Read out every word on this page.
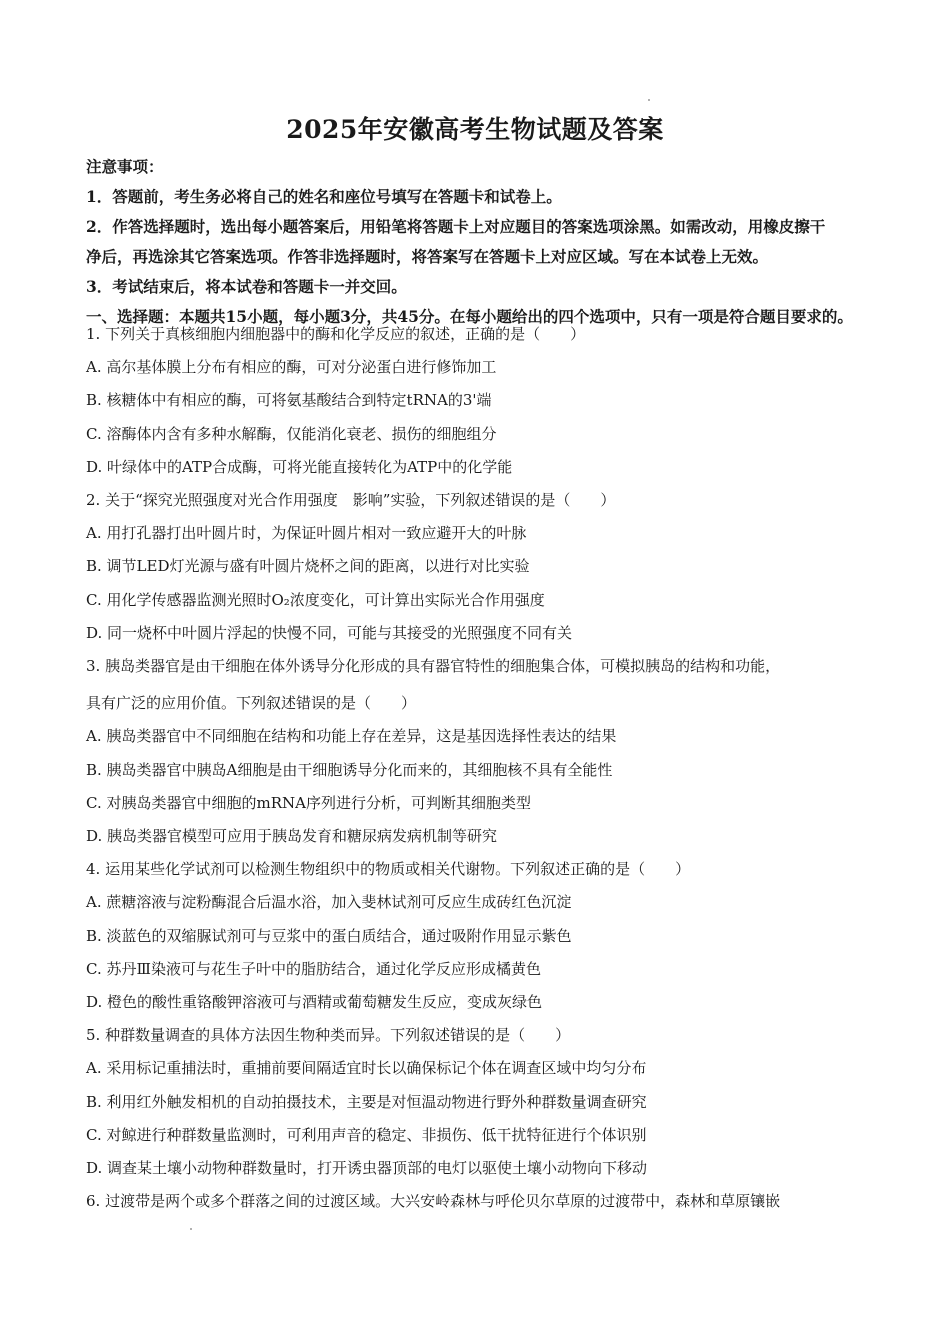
2025年安徽高考生物试题及答案
注意事项：
1．答题前，考生务必将自己的姓名和座位号填写在答题卡和试卷上。
2．作答选择题时，选出每小题答案后，用铅笔将答题卡上对应题目的答案选项涂黑。如需改动，用橡皮擦干
净后，再选涂其它答案选项。作答非选择题时，将答案写在答题卡上对应区域。写在本试卷上无效。
3．考试结束后，将本试卷和答题卡一并交回。
一、选择题：本题共15小题，每小题3分，共45分。在每小题给出的四个选项中，只有一项是符合题目要求的。
1. 下列关于真核细胞内细胞器中的酶和化学反应的叙述，正确的是（　　）
A. 高尔基体膜上分布有相应的酶，可对分泌蛋白进行修饰加工
B. 核糖体中有相应的酶，可将氨基酸结合到特定tRNA的3'端
C. 溶酶体内含有多种水解酶，仅能消化衰老、损伤的细胞组分
D. 叶绿体中的ATP合成酶，可将光能直接转化为ATP中的化学能
2. 关于“探究光照强度对光合作用强度　影响”实验，下列叙述错误的是（　　）
A. 用打孔器打出叶圆片时，为保证叶圆片相对一致应避开大的叶脉
B. 调节LED灯光源与盛有叶圆片烧杯之间的距离，以进行对比实验
C. 用化学传感器监测光照时O₂浓度变化，可计算出实际光合作用强度
D. 同一烧杯中叶圆片浮起的快慢不同，可能与其接受的光照强度不同有关
3. 胰岛类器官是由干细胞在体外诱导分化形成的具有器官特性的细胞集合体，可模拟胰岛的结构和功能，
具有广泛的应用价值。下列叙述错误的是（　　）
A. 胰岛类器官中不同细胞在结构和功能上存在差异，这是基因选择性表达的结果
B. 胰岛类器官中胰岛A细胞是由干细胞诱导分化而来的，其细胞核不具有全能性
C. 对胰岛类器官中细胞的mRNA序列进行分析，可判断其细胞类型
D. 胰岛类器官模型可应用于胰岛发育和糖尿病发病机制等研究
4. 运用某些化学试剂可以检测生物组织中的物质或相关代谢物。下列叙述正确的是（　　）
A. 蔗糖溶液与淀粉酶混合后温水浴，加入斐林试剂可反应生成砖红色沉淀
B. 淡蓝色的双缩脲试剂可与豆浆中的蛋白质结合，通过吸附作用显示紫色
C. 苏丹Ⅲ染液可与花生子叶中的脂肪结合，通过化学反应形成橘黄色
D. 橙色的酸性重铬酸钾溶液可与酒精或葡萄糖发生反应，变成灰绿色
5. 种群数量调查的具体方法因生物种类而异。下列叙述错误的是（　　）
A. 采用标记重捕法时，重捕前要间隔适宜时长以确保标记个体在调查区域中均匀分布
B. 利用红外触发相机的自动拍摄技术，主要是对恒温动物进行野外种群数量调查研究
C. 对鲸进行种群数量监测时，可利用声音的稳定、非损伤、低干扰特征进行个体识别
D. 调查某土壤小动物种群数量时，打开诱虫器顶部的电灯以驱使土壤小动物向下移动
6. 过渡带是两个或多个群落之间的过渡区域。大兴安岭森林与呼伦贝尔草原的过渡带中，森林和草原镶嵌
